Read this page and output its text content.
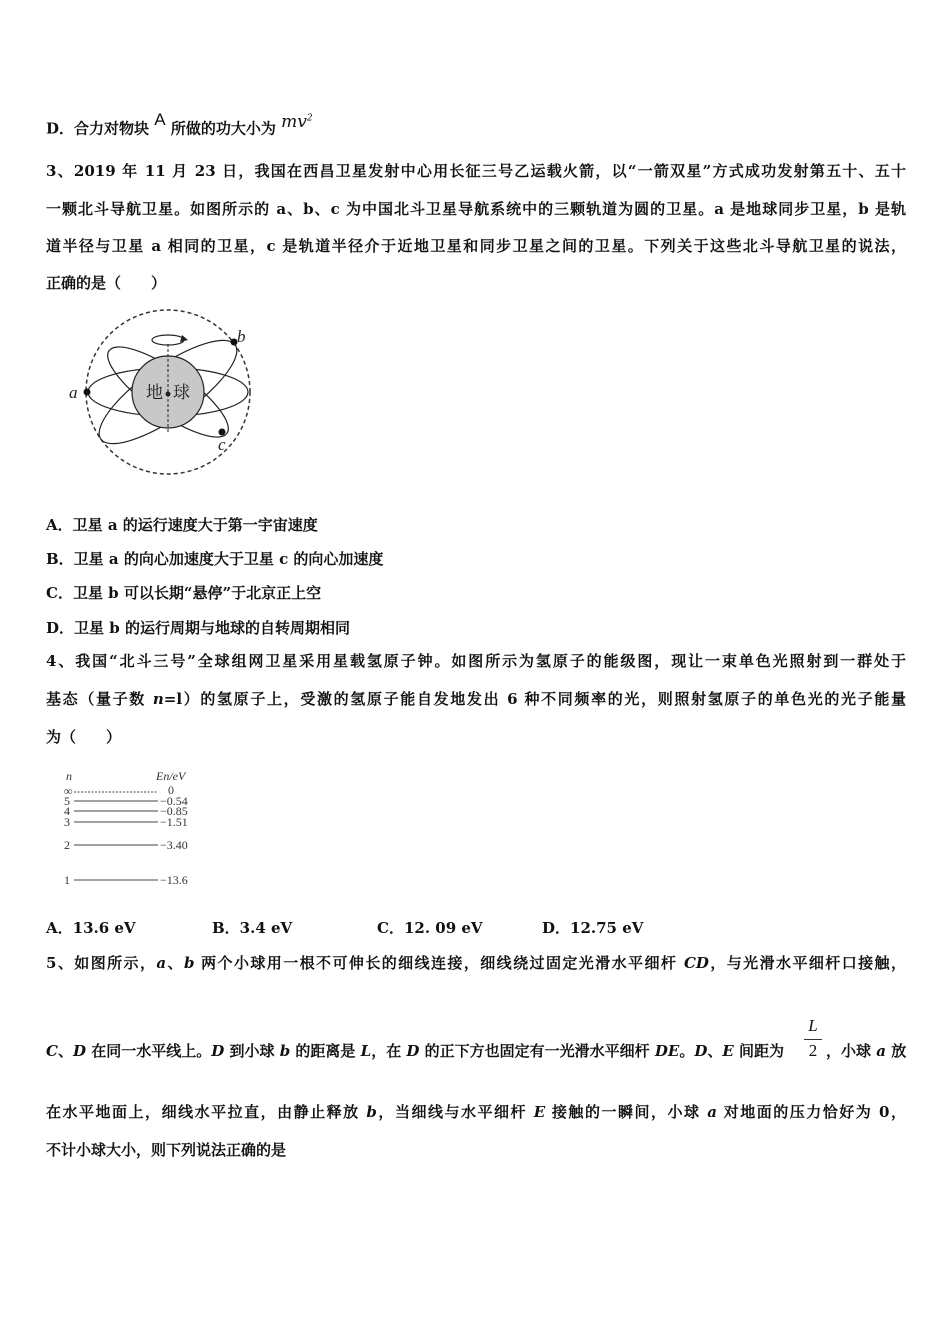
D．合力对物块 A 所做的功大小为 $mv^2$
3、2019 年 11 月 23 日，我国在西昌卫星发射中心用长征三号乙运载火箭，以“一箭双星”方式成功发射第五十、五十
一颗北斗导航卫星。如图所示的 a、b、c 为中国北斗卫星导航系统中的三颗轨道为圆的卫星。a 是地球同步卫星，b 是轨
道半径与卫星 a 相同的卫星，c 是轨道半径介于近地卫星和同步卫星之间的卫星。下列关于这些北斗导航卫星的说法，
正确的是（　　）
地 球
a
b
c
A．卫星 a 的运行速度大于第一宇宙速度
B．卫星 a 的向心加速度大于卫星 c 的向心加速度
C．卫星 b 可以长期“悬停”于北京正上空
D．卫星 b 的运行周期与地球的自转周期相同
4、我国“北斗三号”全球组网卫星采用星载氢原子钟。如图所示为氢原子的能级图，现让一束单色光照射到一群处于
基态（量子数 n=l）的氢原子上，受激的氢原子能自发地发出 6 种不同频率的光，则照射氢原子的单色光的光子能量
为（　　）
n	En/eV
∞	0
5	−0.54
4	−0.85
3	−1.51
2	−3.40
1	−13.6
A．13.6 eV	B．3.4 eV	C．12. 09 eV	D．12.75 eV
5、如图所示，a、b 两个小球用一根不可伸长的细线连接，细线绕过固定光滑水平细杆 CD，与光滑水平细杆口接触，
C、D 在同一水平线上。D 到小球 b 的距离是 L，在 D 的正下方也固定有一光滑水平细杆 DE。D、E 间距为
L
2 ，小球 a 放
在水平地面上，细线水平拉直，由静止释放 b，当细线与水平细杆 E 接触的一瞬间，小球 a 对地面的压力恰好为 0，
不计小球大小，则下列说法正确的是
